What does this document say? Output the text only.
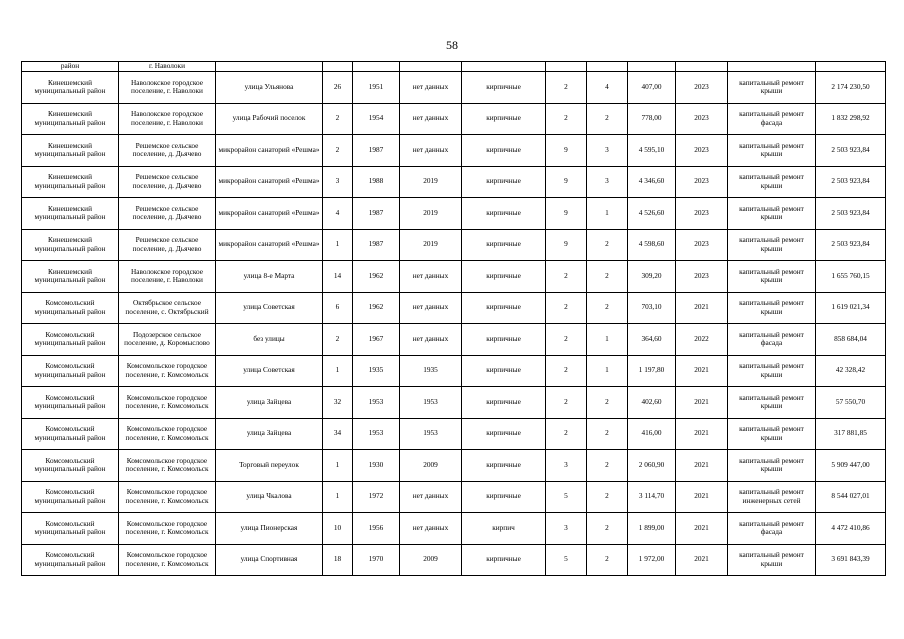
58
район	г. Наволоки											
Кинешемский муниципальный район	Наволокское городское поселение, г. Наволоки	улица Ульянова	26	1951	нет данных	кирпичные	2	4	407,00	2023	капитальный ремонт крыши	2 174 230,50
Кинешемский муниципальный район	Наволокское городское поселение, г. Наволоки	улица Рабочий поселок	2	1954	нет данных	кирпичные	2	2	778,00	2023	капитальный ремонт фасада	1 832 298,92
Кинешемский муниципальный район	Решемское сельское поселение, д. Дьячево	микрорайон санаторий «Решма»	2	1987	нет данных	кирпичные	9	3	4 595,10	2023	капитальный ремонт крыши	2 503 923,84
Кинешемский муниципальный район	Решемское сельское поселение, д. Дьячево	микрорайон санаторий «Решма»	3	1988	2019	кирпичные	9	3	4 346,60	2023	капитальный ремонт крыши	2 503 923,84
Кинешемский муниципальный район	Решемское сельское поселение, д. Дьячево	микрорайон санаторий «Решма»	4	1987	2019	кирпичные	9	1	4 526,60	2023	капитальный ремонт крыши	2 503 923,84
Кинешемский муниципальный район	Решемское сельское поселение, д. Дьячево	микрорайон санаторий «Решма»	1	1987	2019	кирпичные	9	2	4 598,60	2023	капитальный ремонт крыши	2 503 923,84
Кинешемский муниципальный район	Наволокское городское поселение, г. Наволоки	улица 8-е Марта	14	1962	нет данных	кирпичные	2	2	309,20	2023	капитальный ремонт крыши	1 655 760,15
Комсомольский муниципальный район	Октябрьское сельское поселение, с. Октябрьский	улица Советская	6	1962	нет данных	кирпичные	2	2	703,10	2021	капитальный ремонт крыши	1 619 021,34
Комсомольский муниципальный район	Подозерское сельское поселение, д. Коромыслово	без улицы	2	1967	нет данных	кирпичные	2	1	364,60	2022	капитальный ремонт фасада	858 684,04
Комсомольский муниципальный район	Комсомольское городское поселение, г. Комсомольск	улица Советская	1	1935	1935	кирпичные	2	1	1 197,80	2021	капитальный ремонт крыши	42 328,42
Комсомольский муниципальный район	Комсомольское городское поселение, г. Комсомольск	улица Зайцева	32	1953	1953	кирпичные	2	2	402,60	2021	капитальный ремонт крыши	57 550,70
Комсомольский муниципальный район	Комсомольское городское поселение, г. Комсомольск	улица Зайцева	34	1953	1953	кирпичные	2	2	416,00	2021	капитальный ремонт крыши	317 881,85
Комсомольский муниципальный район	Комсомольское городское поселение, г. Комсомольск	Торговый переулок	1	1930	2009	кирпичные	3	2	2 060,90	2021	капитальный ремонт крыши	5 909 447,00
Комсомольский муниципальный район	Комсомольское городское поселение, г. Комсомольск	улица Чкалова	1	1972	нет данных	кирпичные	5	2	3 114,70	2021	капитальный ремонт инженерных сетей	8 544 027,01
Комсомольский муниципальный район	Комсомольское городское поселение, г. Комсомольск	улица Пионерская	10	1956	нет данных	кирпич	3	2	1 899,00	2021	капитальный ремонт фасада	4 472 410,86
Комсомольский муниципальный район	Комсомольское городское поселение, г. Комсомольск	улица Спортивная	18	1970	2009	кирпичные	5	2	1 972,00	2021	капитальный ремонт крыши	3 691 843,39
